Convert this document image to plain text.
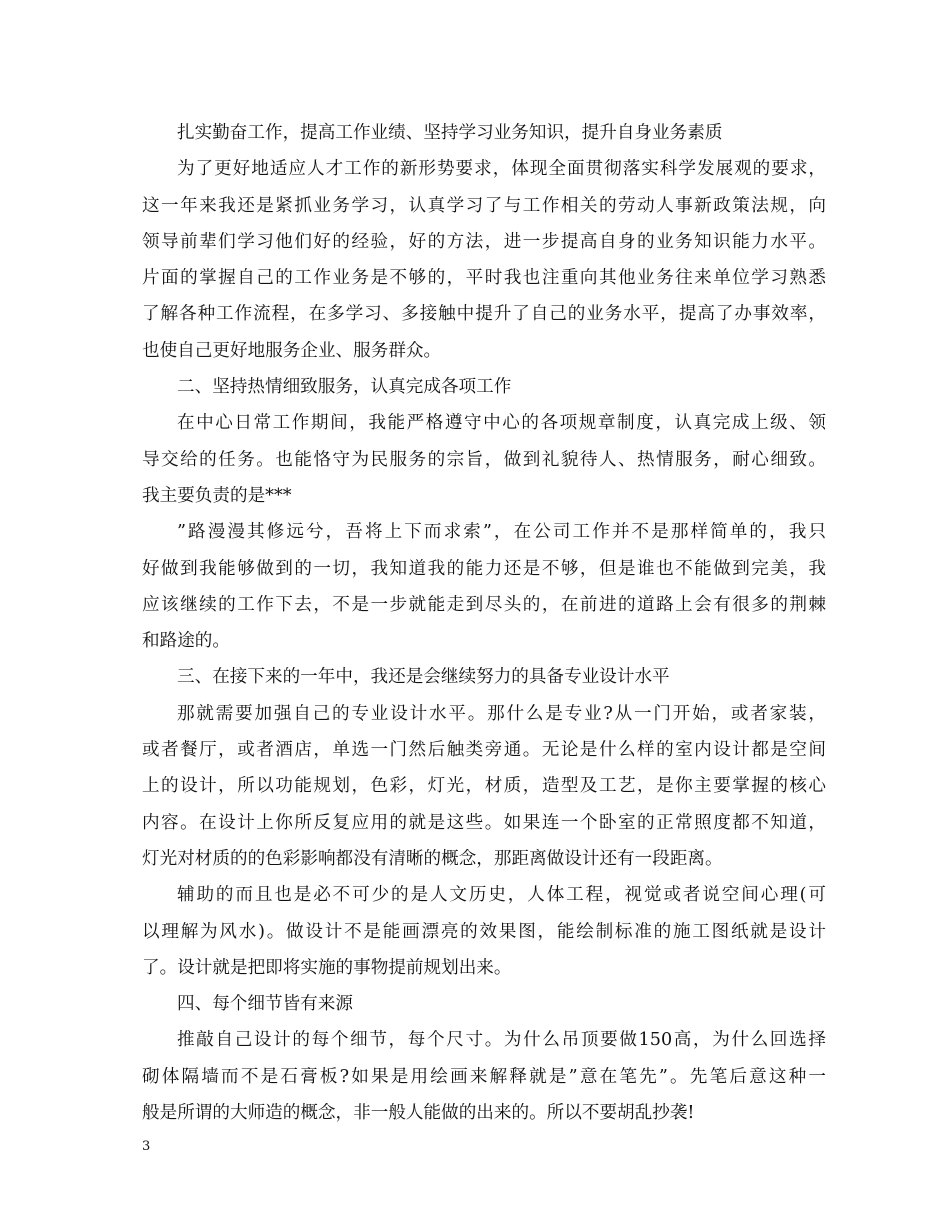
扎实勤奋工作，提高工作业绩、坚持学习业务知识，提升自身业务素质
为了更好地适应人才工作的新形势要求，体现全面贯彻落实科学发展观的要求，
这一年来我还是紧抓业务学习，认真学习了与工作相关的劳动人事新政策法规，向
领导前辈们学习他们好的经验，好的方法，进一步提高自身的业务知识能力水平。
片面的掌握自己的工作业务是不够的，平时我也注重向其他业务往来单位学习熟悉
了解各种工作流程，在多学习、多接触中提升了自己的业务水平，提高了办事效率，
也使自己更好地服务企业、服务群众。
二、坚持热情细致服务，认真完成各项工作
在中心日常工作期间，我能严格遵守中心的各项规章制度，认真完成上级、领
导交给的任务。也能恪守为民服务的宗旨，做到礼貌待人、热情服务，耐心细致。
我主要负责的是***
”路漫漫其修远兮，吾将上下而求索”，在公司工作并不是那样简单的，我只
好做到我能够做到的一切，我知道我的能力还是不够，但是谁也不能做到完美，我
应该继续的工作下去，不是一步就能走到尽头的，在前进的道路上会有很多的荆棘
和路途的。
三、在接下来的一年中，我还是会继续努力的具备专业设计水平
那就需要加强自己的专业设计水平。那什么是专业?从一门开始，或者家装，
或者餐厅，或者酒店，单选一门然后触类旁通。无论是什么样的室内设计都是空间
上的设计，所以功能规划，色彩，灯光，材质，造型及工艺，是你主要掌握的核心
内容。在设计上你所反复应用的就是这些。如果连一个卧室的正常照度都不知道，
灯光对材质的的色彩影响都没有清晰的概念，那距离做设计还有一段距离。
辅助的而且也是必不可少的是人文历史，人体工程，视觉或者说空间心理(可
以理解为风水)。做设计不是能画漂亮的效果图，能绘制标准的施工图纸就是设计
了。设计就是把即将实施的事物提前规划出来。
四、每个细节皆有来源
推敲自己设计的每个细节，每个尺寸。为什么吊顶要做150高，为什么回选择
砌体隔墙而不是石膏板?如果是用绘画来解释就是”意在笔先”。先笔后意这种一
般是所谓的大师造的概念，非一般人能做的出来的。所以不要胡乱抄袭!
3
